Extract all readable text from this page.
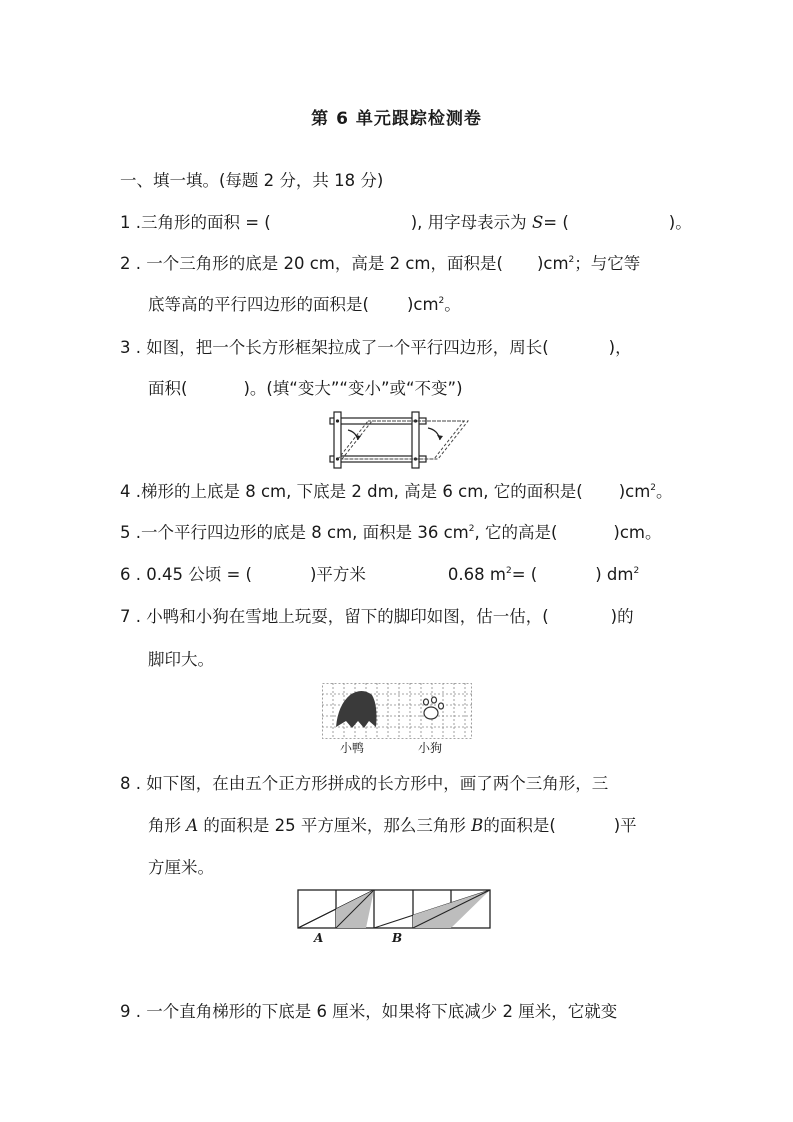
第 6 单元跟踪检测卷
一、填一填。(每题 2 分，共 18 分)
1 .三角形的面积 = (	), 用字母表示为 S= (	)。
2 . 一个三角形的底是 20 cm，高是 2 cm，面积是( )$cm^2$；与它等
底等高的平行四边形的面积是( )$cm^2$。
3 . 如图，把一个长方形框架拉成了一个平行四边形，周长(	)，
面积(	)。(填“变大”“变小”或“不变”)
4 .梯形的上底是 8 cm, 下底是 2 dm, 高是 6 cm, 它的面积是( )$cm^2$。
5 .一个平行四边形的底是 8 cm, 面积是 36 $cm^2$, 它的高是(	)cm。
6 . 0.45 公顷 = (	)平方米	0.68 $m^2=$ (	) $dm^2$
7 . 小鸭和小狗在雪地上玩耍，留下的脚印如图，估一估，(	)的
脚印大。
小鸭	小狗
8 . 如下图，在由五个正方形拼成的长方形中，画了两个三角形，三
角形 A 的面积是 25 平方厘米，那么三角形 B的面积是(	)平
方厘米。
A	B
9 . 一个直角梯形的下底是 6 厘米，如果将下底减少 2 厘米，它就变
